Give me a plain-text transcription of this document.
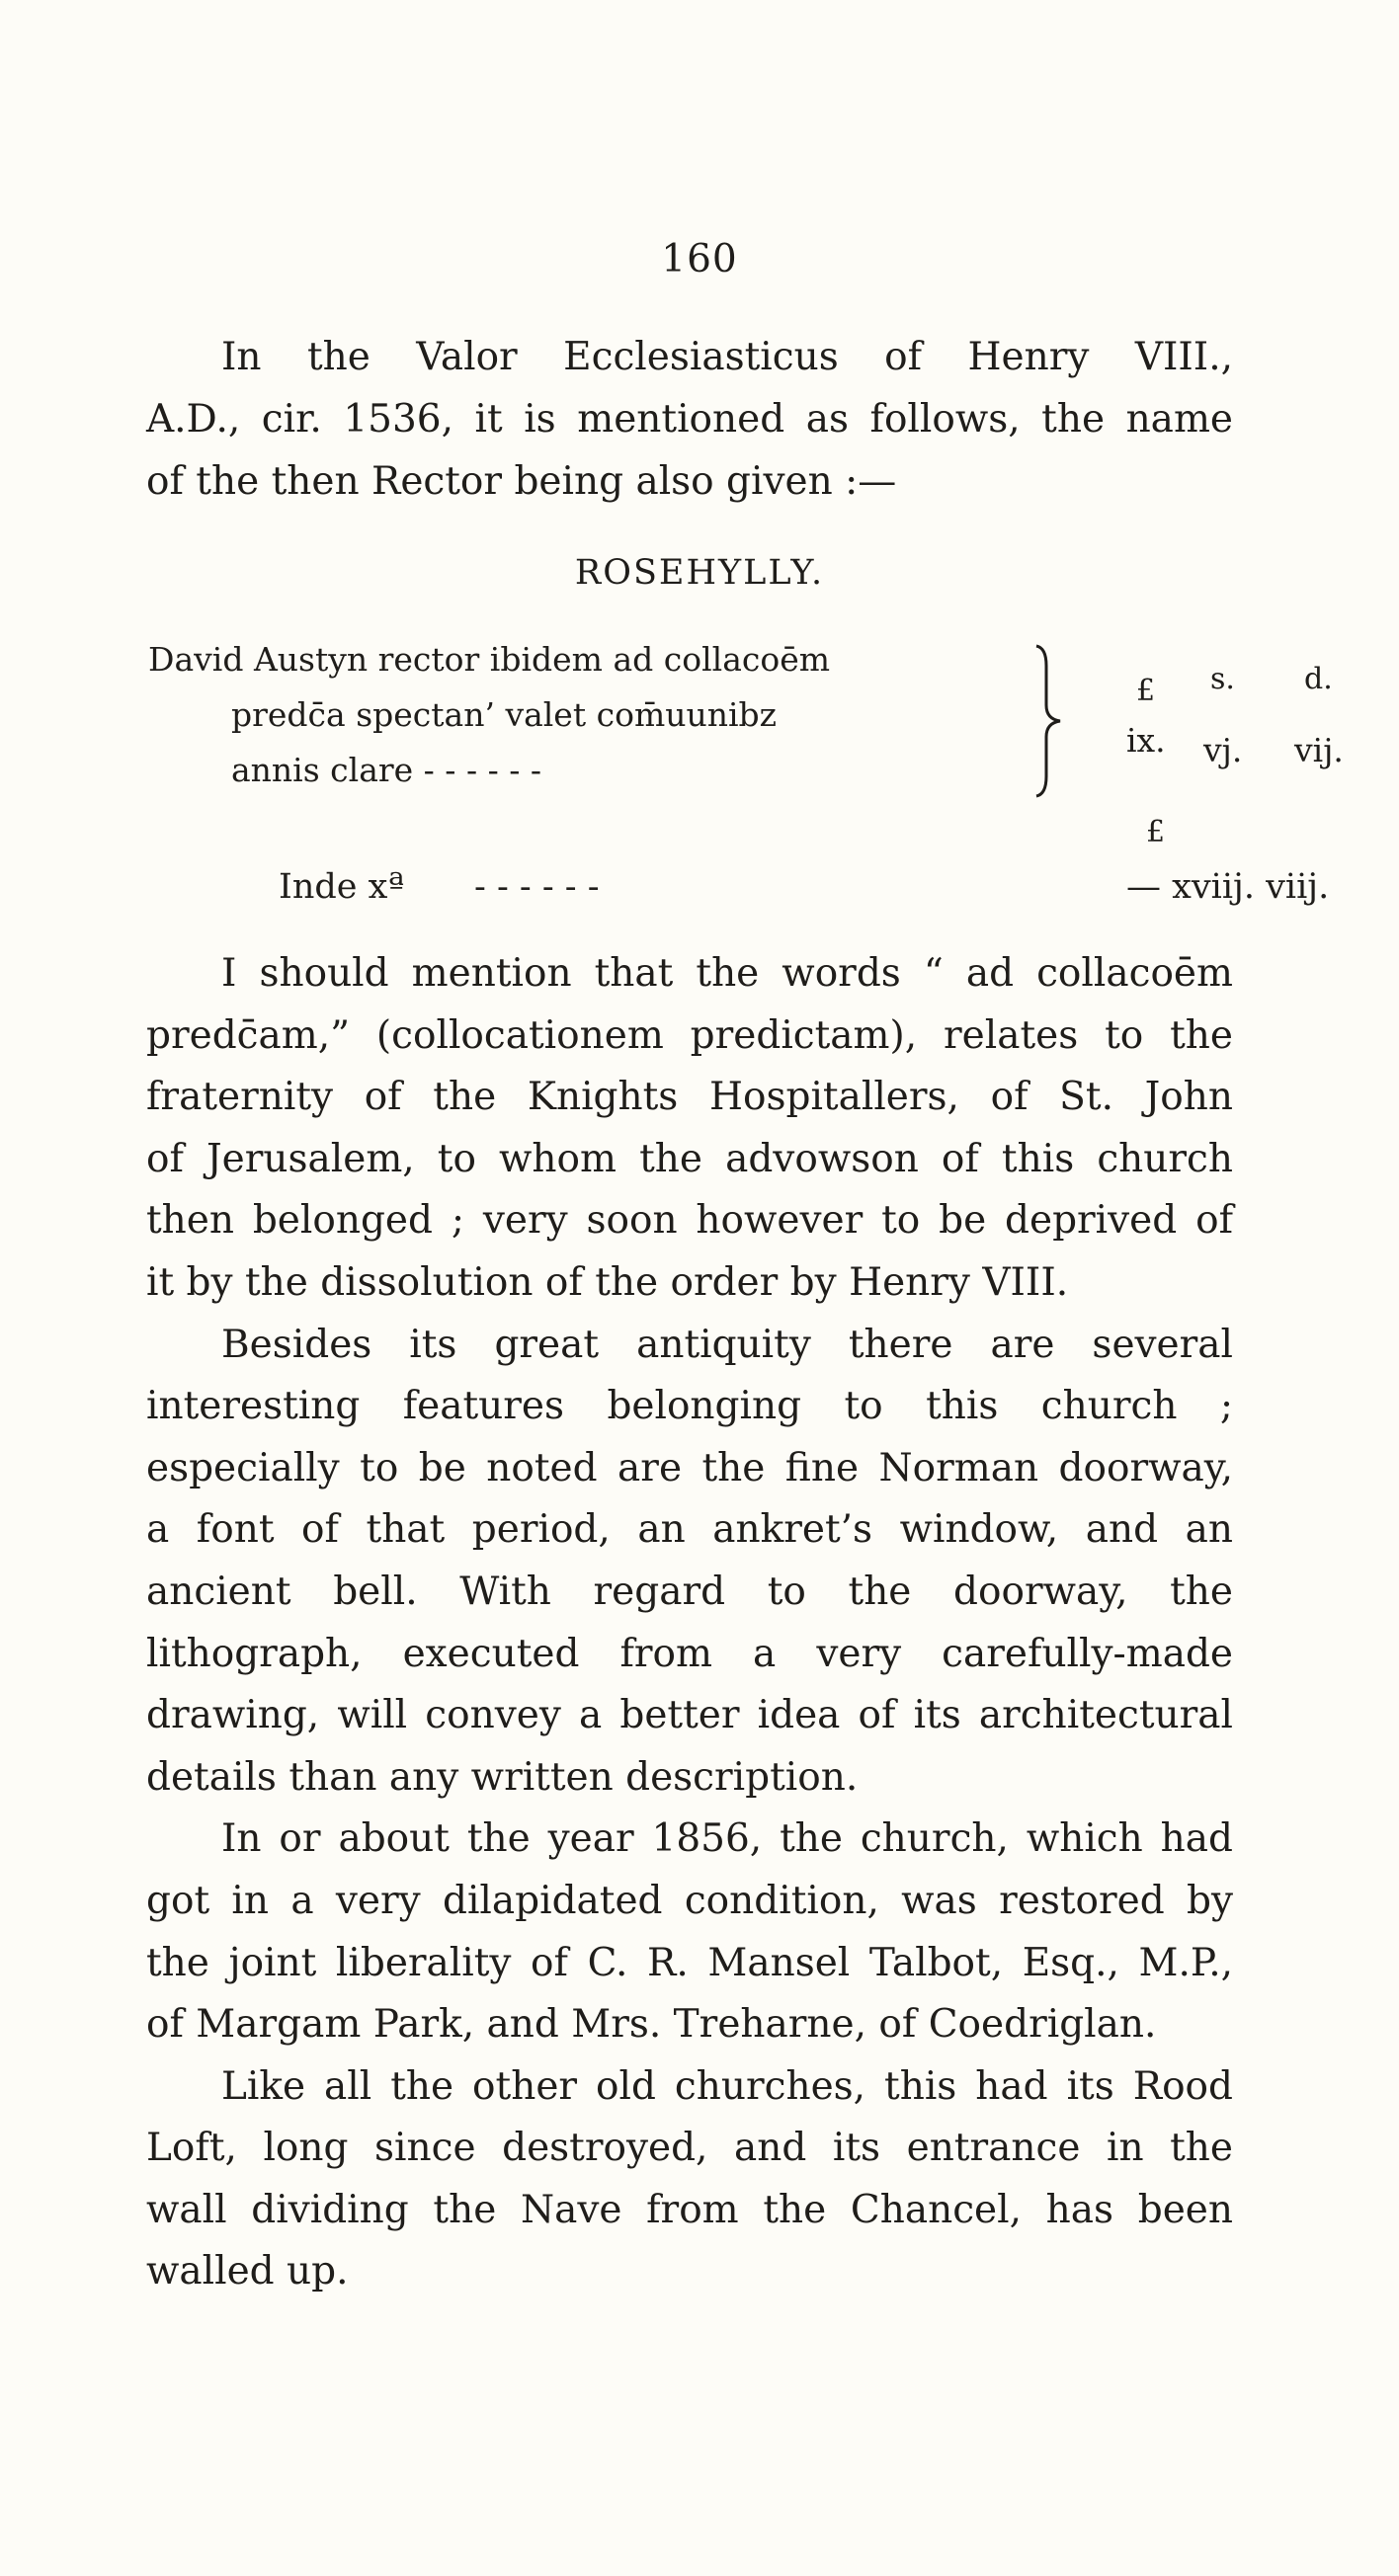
160
In the Valor Ecclesiasticus of Henry VIII.,
A.D., cir. 1536, it is mentioned as follows, the name
of the then Rector being also given :—
ROSEHYLLY.
David Austyn rector ibidem ad collacoēm
predc̄a spectan’ valet com̄uunibz
annis clare - - - - - -
£ s. d.
ix. vj. vij.
£
Inde xª - - - - - -	— xviij. viij.
I should mention that the words “ ad collacoēm
predc̄am,” (collocationem predictam), relates to the
fraternity of the Knights Hospitallers, of St. John
of Jerusalem, to whom the advowson of this church
then belonged ; very soon however to be deprived of
it by the dissolution of the order by Henry VIII.
Besides its great antiquity there are several
interesting features belonging to this church ;
especially to be noted are the fine Norman doorway,
a font of that period, an ankret’s window, and an
ancient bell. With regard to the doorway, the
lithograph, executed from a very carefully-made
drawing, will convey a better idea of its architectural
details than any written description.
In or about the year 1856, the church, which had
got in a very dilapidated condition, was restored by
the joint liberality of C. R. Mansel Talbot, Esq., M.P.,
of Margam Park, and Mrs. Treharne, of Coedriglan.
Like all the other old churches, this had its Rood
Loft, long since destroyed, and its entrance in the
wall dividing the Nave from the Chancel, has been
walled up.
